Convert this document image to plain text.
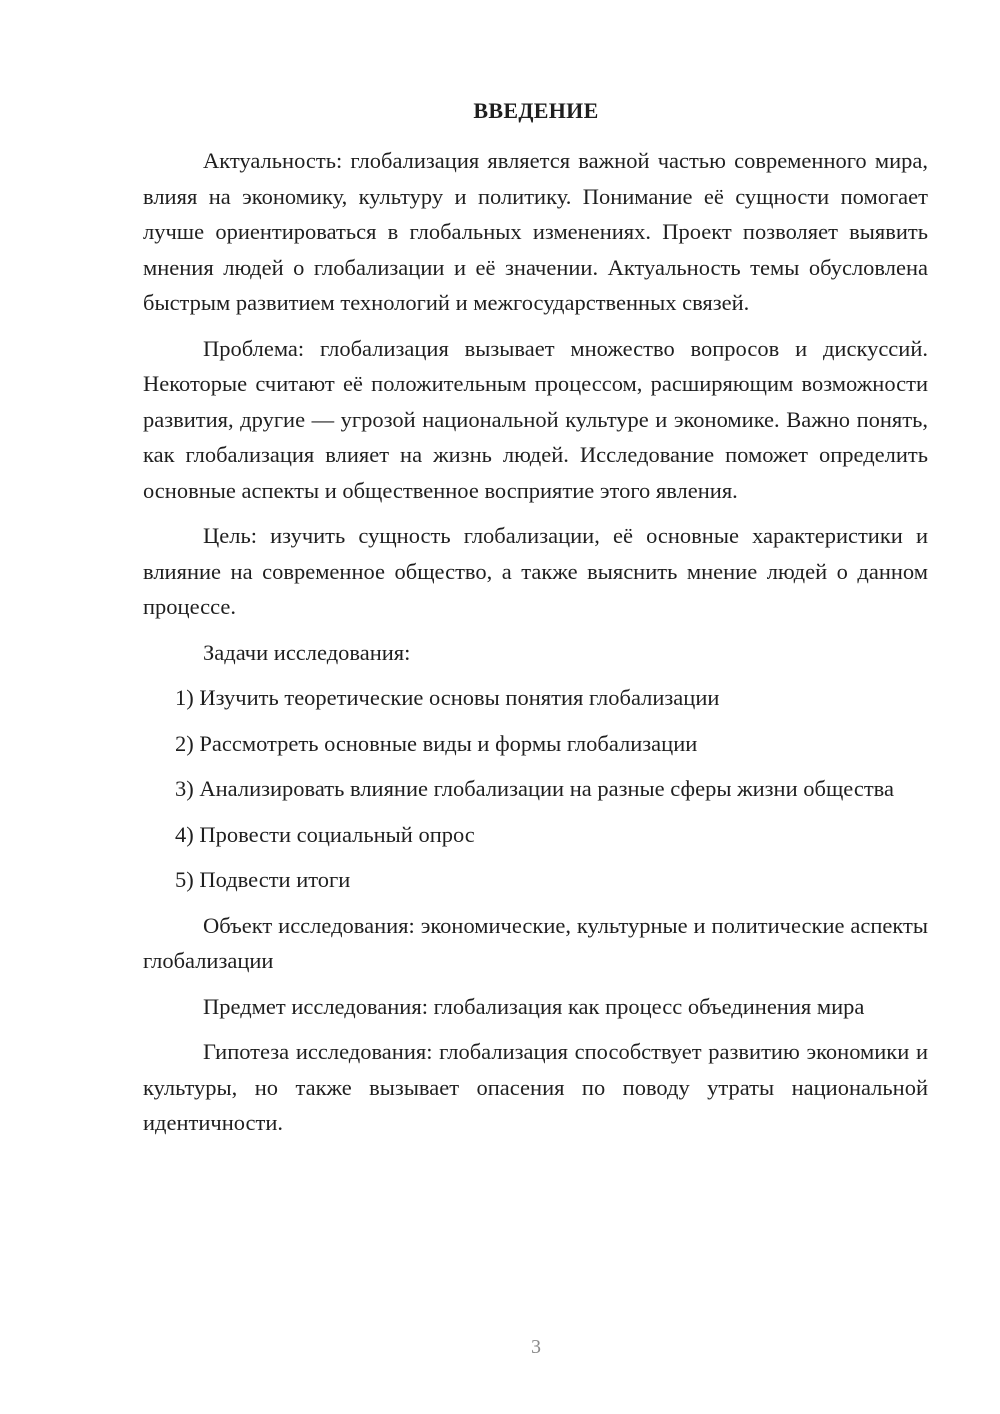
ВВЕДЕНИЕ

Актуальность: глобализация является важной частью современного мира, влияя на экономику, культуру и политику. Понимание её сущности помогает лучше ориентироваться в глобальных изменениях. Проект позволяет выявить мнения людей о глобализации и её значении. Актуальность темы обусловлена быстрым развитием технологий и межгосударственных связей.

Проблема: глобализация вызывает множество вопросов и дискуссий. Некоторые считают её положительным процессом, расширяющим возможности развития, другие — угрозой национальной культуре и экономике. Важно понять, как глобализация влияет на жизнь людей. Исследование поможет определить основные аспекты и общественное восприятие этого явления.

Цель: изучить сущность глобализации, её основные характеристики и влияние на современное общество, а также выяснить мнение людей о данном процессе.

Задачи исследования:

1) Изучить теоретические основы понятия глобализации

2) Рассмотреть основные виды и формы глобализации

3) Анализировать влияние глобализации на разные сферы жизни общества

4) Провести социальный опрос

5) Подвести итоги

Объект исследования: экономические, культурные и политические аспекты глобализации

Предмет исследования: глобализация как процесс объединения мира

Гипотеза исследования: глобализация способствует развитию экономики и культуры, но также вызывает опасения по поводу утраты национальной идентичности.

3
